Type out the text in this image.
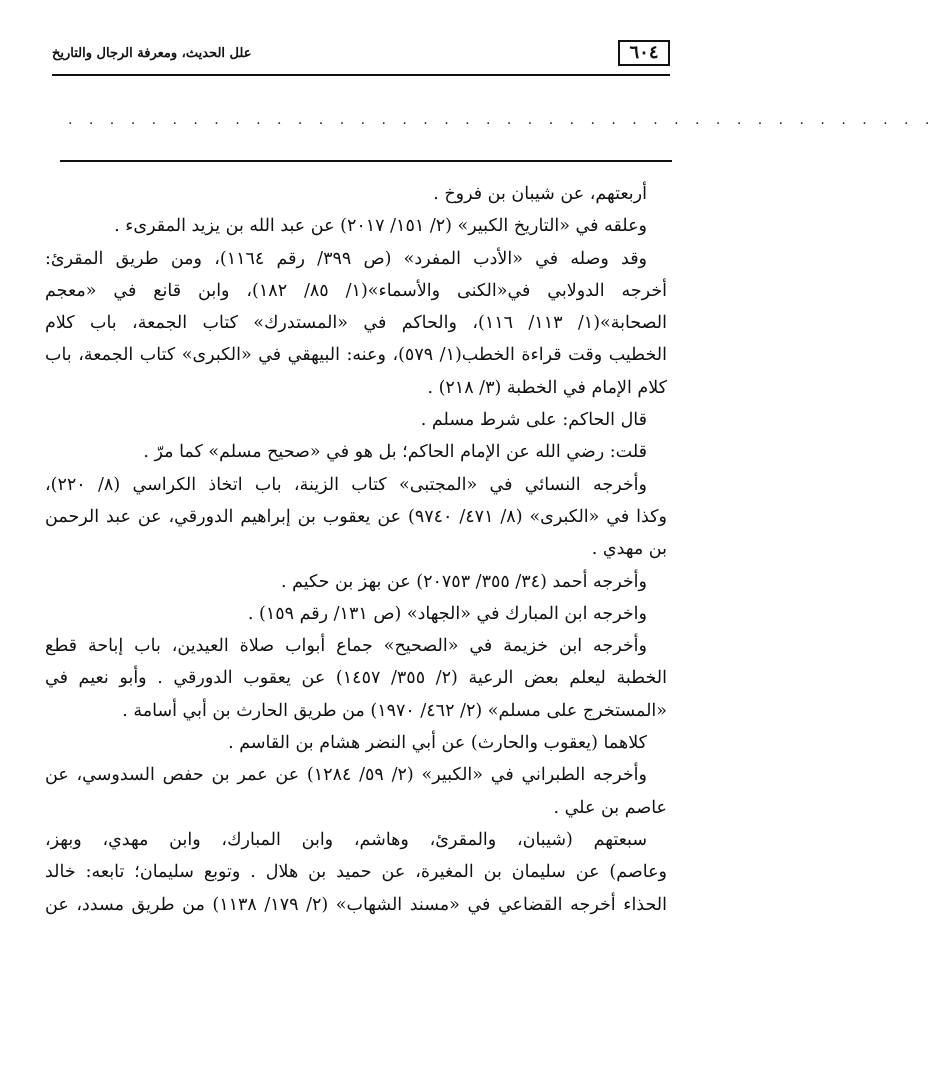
٦٠٤
علل الحديث، ومعرفة الرجال والتاريخ
. . . . . . . . . . . . . . . . . . . . . . . . . . . . . . . . . . . . . . . . . .
أربعتهم، عن شيبان بن فروخ .
وعلقه في «التاريخ الكبير» (٢/ ١٥١/ ٢٠١٧) عن عبد الله بن يزيد المقرىء .
وقد وصله في «الأدب المفرد» (ص ٣٩٩/ رقم ١١٦٤)، ومن طريق المقرئ:
أخرجه الدولابي في«الكنى والأسماء»(١/ ٨٥/ ١٨٢)، وابن قانع في «معجم
الصحابة»(١/ ١١٣/ ١١٦)، والحاكم في «المستدرك» كتاب الجمعة، باب كلام
الخطيب وقت قراءة الخطب(١/ ٥٧٩)، وعنه: البيهقي في «الكبرى» كتاب الجمعة، باب
كلام الإمام في الخطبة (٣/ ٢١٨) .
قال الحاكم: على شرط مسلم .
قلت: رضي الله عن الإمام الحاكم؛ بل هو في «صحيح مسلم» كما مرّ .
وأخرجه النسائي في «المجتبى» كتاب الزينة، باب اتخاذ الكراسي (٨/ ٢٢٠)،
وكذا في «الكبرى» (٨/ ٤٧١/ ٩٧٤٠) عن يعقوب بن إبراهيم الدورقي، عن عبد الرحمن
بن مهدي .
وأخرجه أحمد (٣٤/ ٣٥٥/ ٢٠٧٥٣) عن بهز بن حكيم .
واخرجه ابن المبارك في «الجهاد» (ص ١٣١/ رقم ١٥٩) .
وأخرجه ابن خزيمة في «الصحيح» جماع أبواب صلاة العيدين، باب إباحة قطع
الخطبة ليعلم بعض الرعية (٢/ ٣٥٥/ ١٤٥٧) عن يعقوب الدورقي . وأبو نعيم في
«المستخرج على مسلم» (٢/ ٤٦٢/ ١٩٧٠) من طريق الحارث بن أبي أسامة .
كلاهما (يعقوب والحارث) عن أبي النضر هشام بن القاسم .
وأخرجه الطبراني في «الكبير» (٢/ ٥٩/ ١٢٨٤) عن عمر بن حفص السدوسي، عن
عاصم بن علي .
سبعتهم (شيبان، والمقرئ، وهاشم، وابن المبارك، وابن مهدي، وبهز،
وعاصم) عن سليمان بن المغيرة، عن حميد بن هلال . وتوبع سليمان؛ تابعه: خالد
الحذاء أخرجه القضاعي في «مسند الشهاب» (٢/ ١٧٩/ ١١٣٨) من طريق مسدد، عن
